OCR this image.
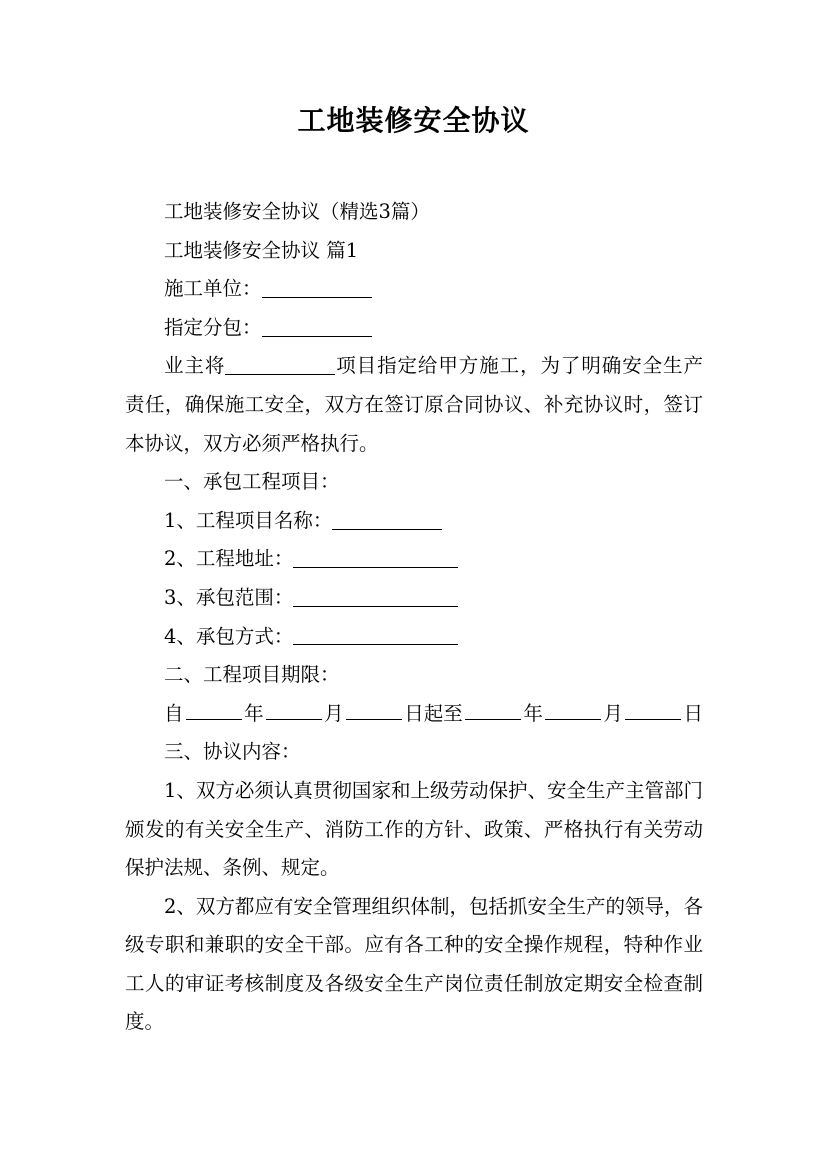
工地装修安全协议

工地装修安全协议（精选3篇）

工地装修安全协议 篇1

施工单位：

指定分包：

业主将	项目指定给甲方施工，为了明确安全生产责任，确保施工安全，双方在签订原合同协议、补充协议时，签订本协议，双方必须严格执行。

一、承包工程项目：

1、工程项目名称：

2、工程地址：

3、承包范围：

4、承包方式：

二、工程项目期限：

自	年	月	日起至	年	月	日

三、协议内容：

1、双方必须认真贯彻国家和上级劳动保护、安全生产主管部门颁发的有关安全生产、消防工作的方针、政策、严格执行有关劳动保护法规、条例、规定。

2、双方都应有安全管理组织体制，包括抓安全生产的领导，各级专职和兼职的安全干部。应有各工种的安全操作规程，特种作业工人的审证考核制度及各级安全生产岗位责任制放定期安全检查制度。
